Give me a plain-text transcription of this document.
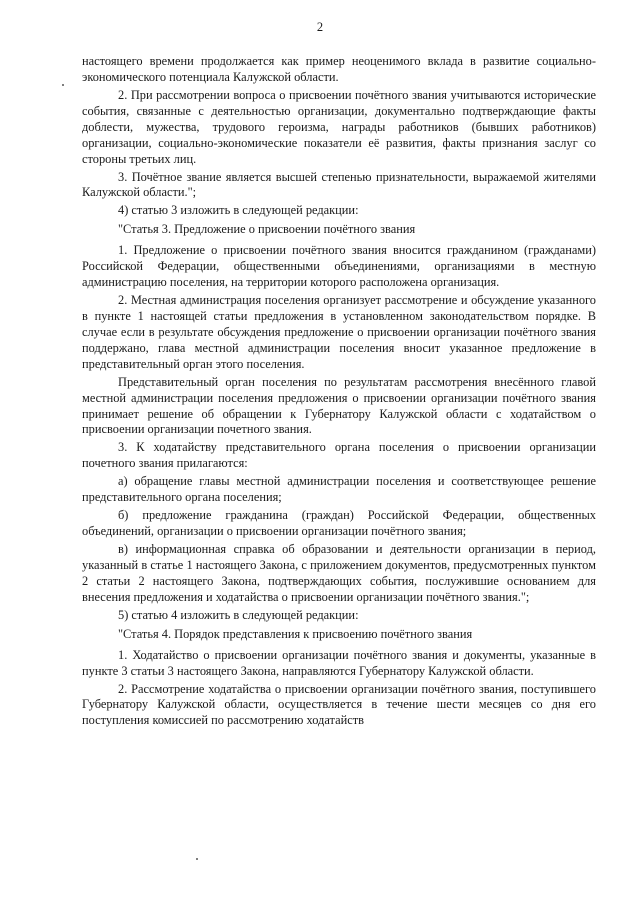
2

настоящего времени продолжается как пример неоценимого вклада в развитие социально-экономического потенциала Калужской области.

2. При рассмотрении вопроса о присвоении почётного звания учитываются исторические события, связанные с деятельностью организации, документально подтверждающие факты доблести, мужества, трудового героизма, награды работников (бывших работников) организации, социально-экономические показатели её развития, факты признания заслуг со стороны третьих лиц.

3. Почётное звание является высшей степенью признательности, выражаемой жителями Калужской области.";

4) статью 3 изложить в следующей редакции:

"Статья 3. Предложение о присвоении почётного звания

1. Предложение о присвоении почётного звания вносится гражданином (гражданами) Российской Федерации, общественными объединениями, организациями в местную администрацию поселения, на территории которого расположена организация.

2. Местная администрация поселения организует рассмотрение и обсуждение указанного в пункте 1 настоящей статьи предложения в установленном законодательством порядке. В случае если в результате обсуждения предложение о присвоении организации почётного звания поддержано, глава местной администрации поселения вносит указанное предложение в представительный орган этого поселения.

Представительный орган поселения по результатам рассмотрения внесённого главой местной администрации поселения предложения о присвоении организации почётного звания принимает решение об обращении к Губернатору Калужской области с ходатайством о присвоении организации почетного звания.

3. К ходатайству представительного органа поселения о присвоении организации почетного звания прилагаются:

а) обращение главы местной администрации поселения и соответствующее решение представительного органа поселения;

б) предложение гражданина (граждан) Российской Федерации, общественных объединений, организации о присвоении организации почётного звания;

в) информационная справка об образовании и деятельности организации в период, указанный в статье 1 настоящего Закона, с приложением документов, предусмотренных пунктом 2 статьи 2 настоящего Закона, подтверждающих события, послужившие основанием для внесения предложения и ходатайства о присвоении организации почётного звания.";

5) статью 4 изложить в следующей редакции:

"Статья 4. Порядок представления к присвоению почётного звания

1. Ходатайство о присвоении организации почётного звания и документы, указанные в пункте 3 статьи 3 настоящего Закона, направляются Губернатору Калужской области.

2. Рассмотрение ходатайства о присвоении организации почётного звания, поступившего Губернатору Калужской области, осуществляется в течение шести месяцев со дня его поступления комиссией по рассмотрению ходатайств
